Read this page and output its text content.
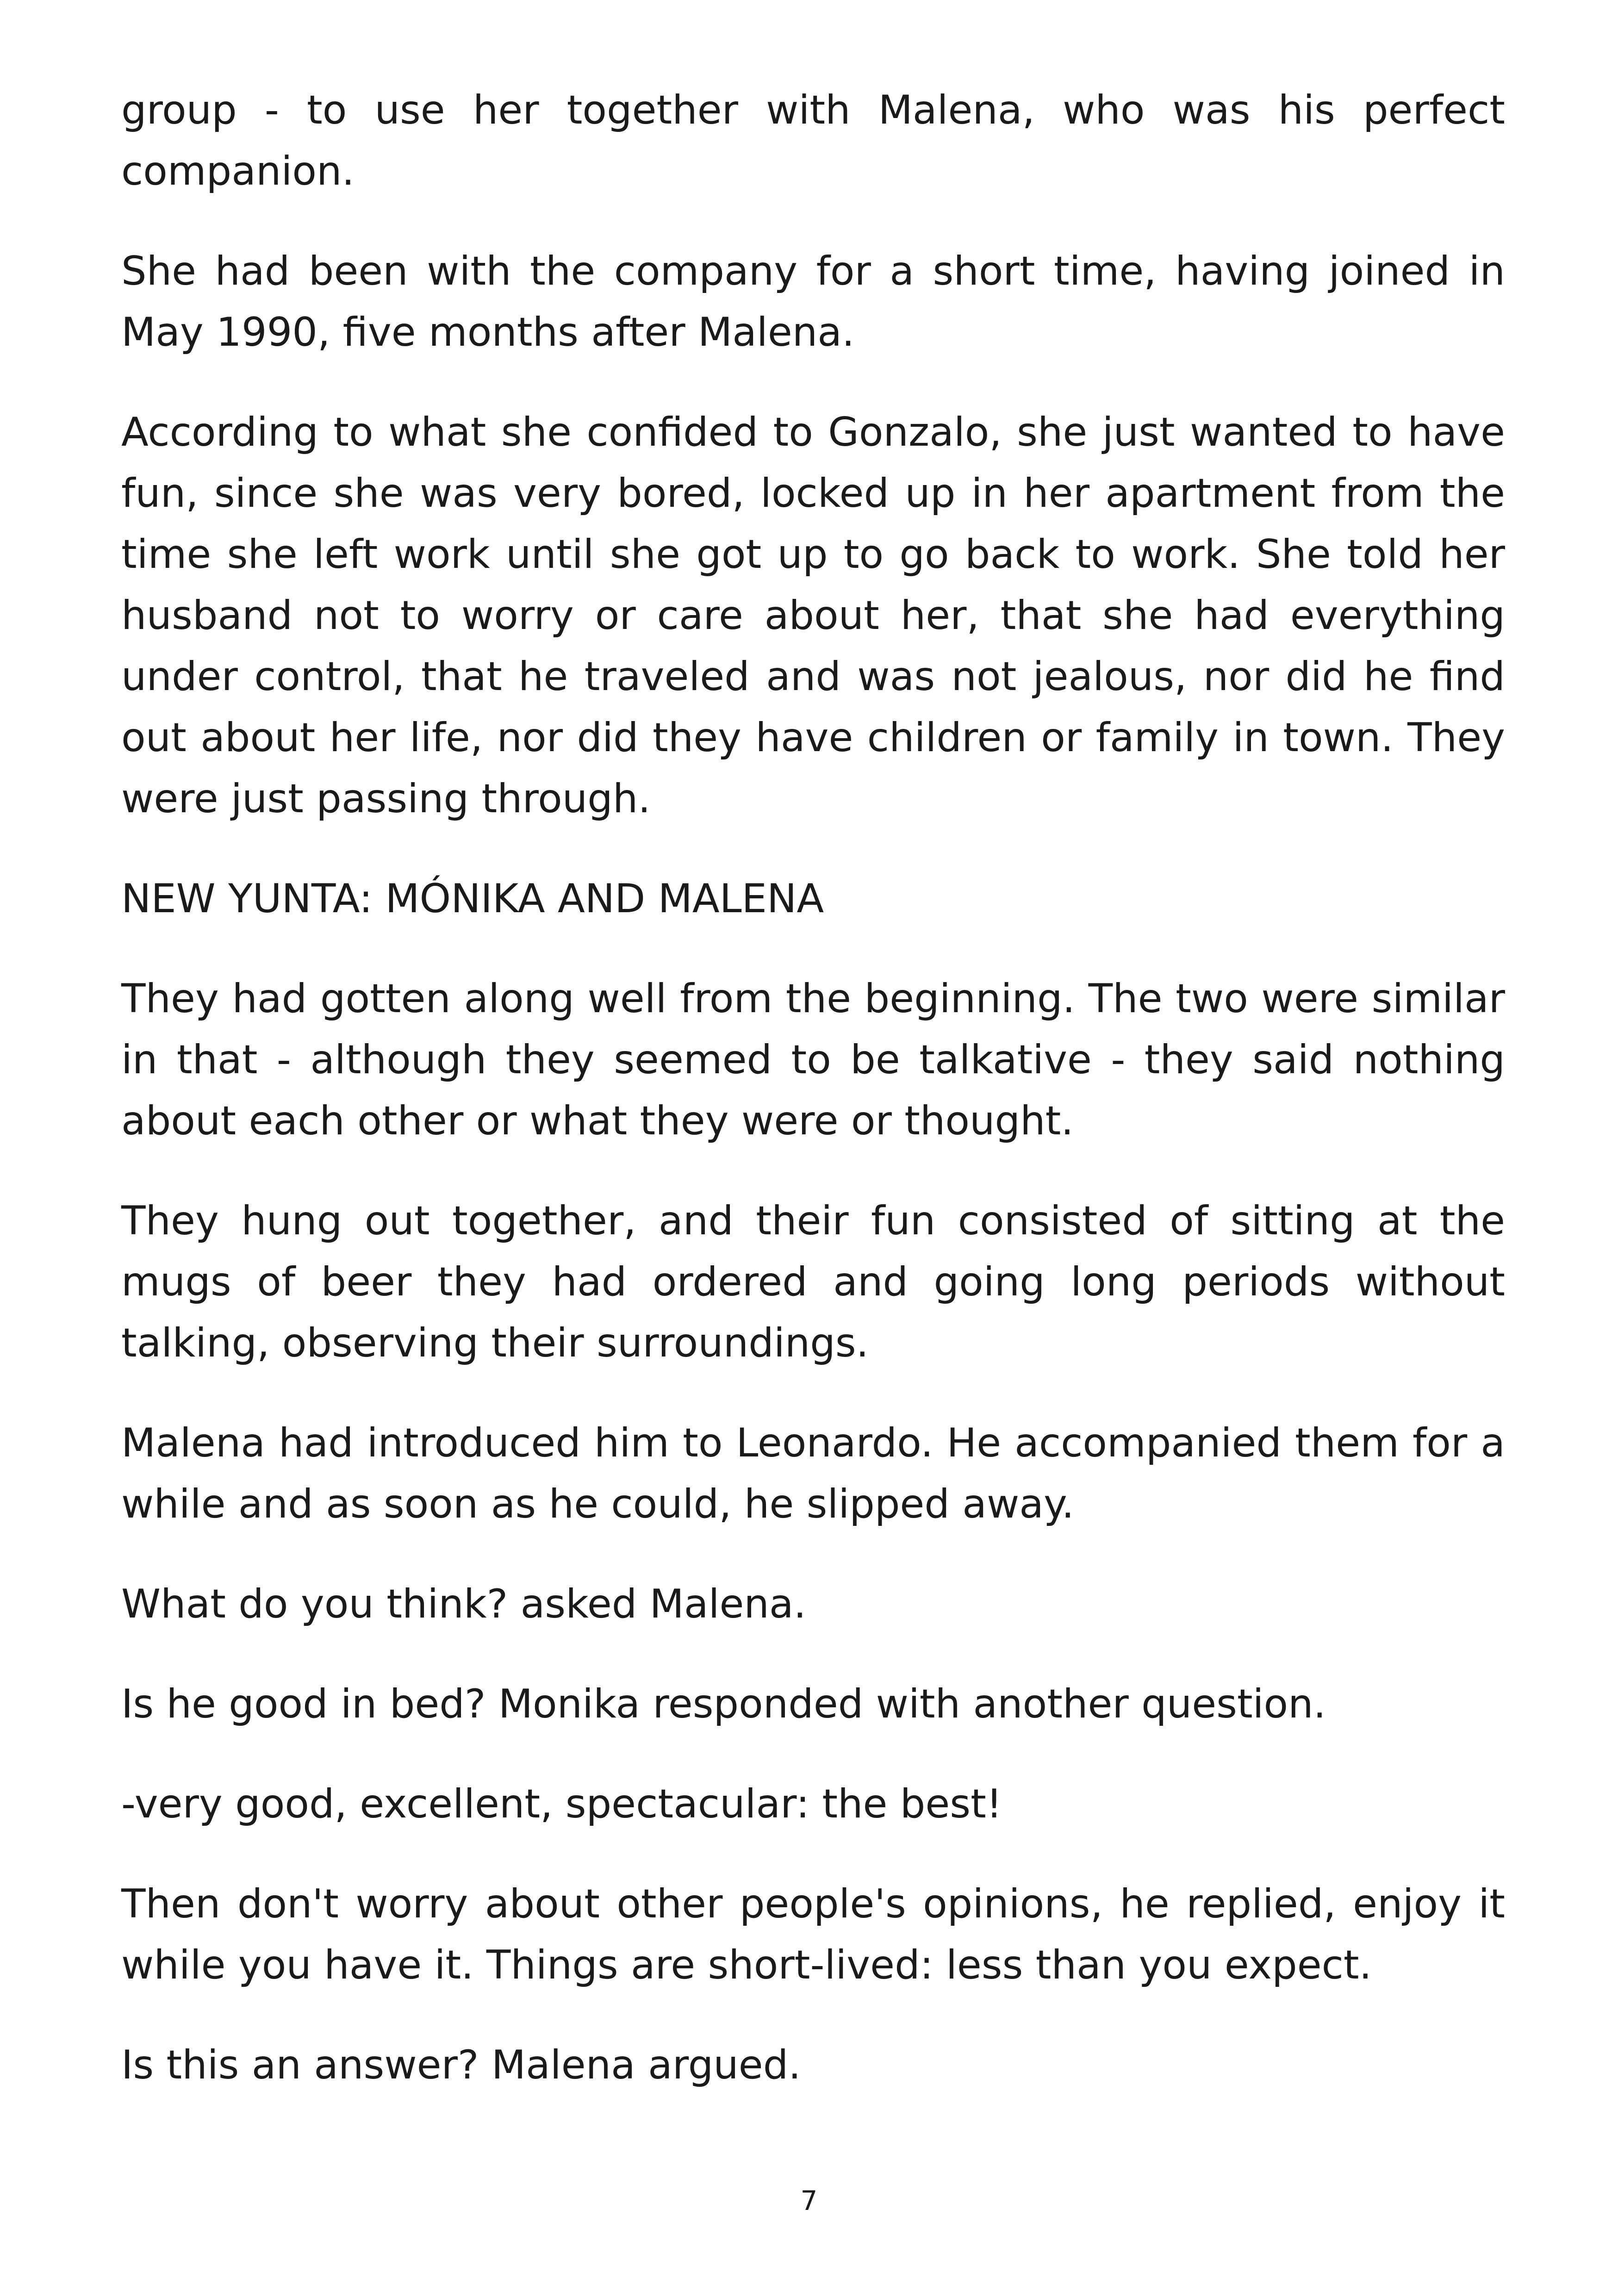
group - to use her together with Malena, who was his perfect companion.

She had been with the company for a short time, having joined in May 1990, five months after Malena.

According to what she confided to Gonzalo, she just wanted to have fun, since she was very bored, locked up in her apartment from the time she left work until she got up to go back to work. She told her husband not to worry or care about her, that she had everything under control, that he traveled and was not jealous, nor did he find out about her life, nor did they have children or family in town. They were just passing through.

NEW YUNTA: MÓNIKA AND MALENA

They had gotten along well from the beginning. The two were similar in that - although they seemed to be talkative - they said nothing about each other or what they were or thought.

They hung out together, and their fun consisted of sitting at the mugs of beer they had ordered and going long periods without talking, observing their surroundings.

Malena had introduced him to Leonardo. He accompanied them for a while and as soon as he could, he slipped away.

What do you think? asked Malena.

Is he good in bed? Monika responded with another question.

-very good, excellent, spectacular: the best!

Then don't worry about other people's opinions, he replied, enjoy it while you have it. Things are short-lived: less than you expect.

Is this an answer? Malena argued.

7
